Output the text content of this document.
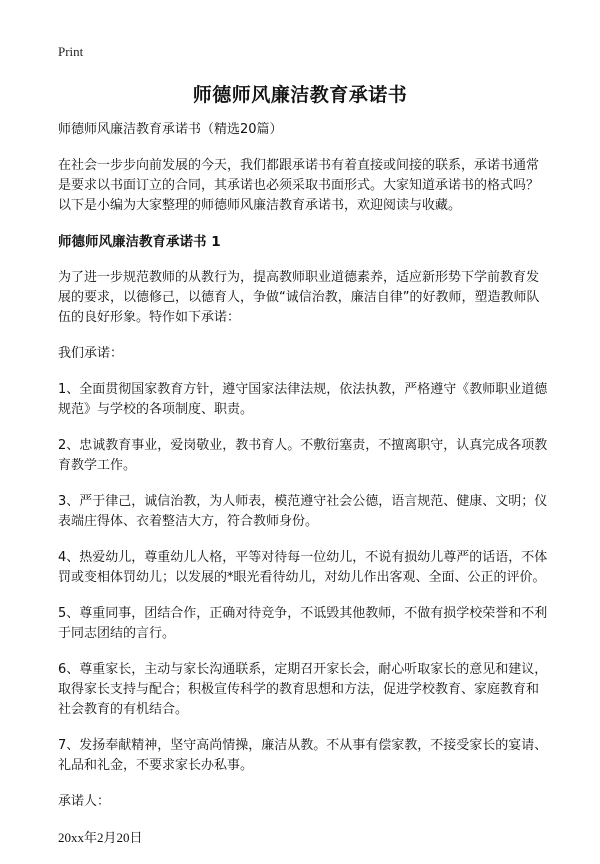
Print
师德师风廉洁教育承诺书

师德师风廉洁教育承诺书（精选20篇）

在社会一步步向前发展的今天，我们都跟承诺书有着直接或间接的联系，承诺书通常是要求以书面订立的合同，其承诺也必须采取书面形式。大家知道承诺书的格式吗？以下是小编为大家整理的师德师风廉洁教育承诺书，欢迎阅读与收藏。

师德师风廉洁教育承诺书 1

为了进一步规范教师的从教行为，提高教师职业道德素养，适应新形势下学前教育发展的要求，以德修己，以德育人，争做“诚信治教，廉洁自律”的好教师，塑造教师队伍的良好形象。特作如下承诺：

我们承诺：

1、全面贯彻国家教育方针，遵守国家法律法规，依法执教，严格遵守《教师职业道德规范》与学校的各项制度、职责。

2、忠诚教育事业，爱岗敬业，教书育人。不敷衍塞责，不擅离职守，认真完成各项教育教学工作。

3、严于律己，诚信治教，为人师表，模范遵守社会公德，语言规范、健康、文明；仪表端庄得体、衣着整洁大方，符合教师身份。

4、热爱幼儿，尊重幼儿人格，平等对待每一位幼儿，不说有损幼儿尊严的话语，不体罚或变相体罚幼儿；以发展的*眼光看待幼儿，对幼儿作出客观、全面、公正的评价。

5、尊重同事，团结合作，正确对待竞争，不诋毁其他教师，不做有损学校荣誉和不利于同志团结的言行。

6、尊重家长，主动与家长沟通联系，定期召开家长会，耐心听取家长的意见和建议，取得家长支持与配合；积极宣传科学的教育思想和方法，促进学校教育、家庭教育和社会教育的有机结合。

7、发扬奉献精神，坚守高尚情操，廉洁从教。不从事有偿家教，不接受家长的宴请、礼品和礼金，不要求家长办私事。

承诺人：

20xx年2月20日
